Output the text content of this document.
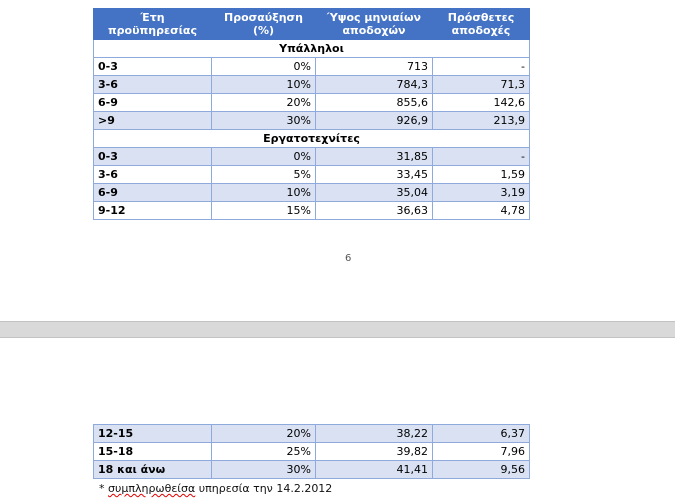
Έτη προϋπηρεσίας	Προσαύξηση (%)	Ύψος μηνιαίων αποδοχών	Πρόσθετες αποδοχές
Υπάλληλοι			
0-3	0%	713	-
3-6	10%	784,3	71,3
6-9	20%	855,6	142,6
>9	30%	926,9	213,9
Εργατοτεχνίτες			
0-3	0%	31,85	-
3-6	5%	33,45	1,59
6-9	10%	35,04	3,19
9-12	15%	36,63	4,78
6
12-15	20%	38,22	6,37
15-18	25%	39,82	7,96
18 και άνω	30%	41,41	9,56
* συμπληρωθείσα υπηρεσία την 14.2.2012
